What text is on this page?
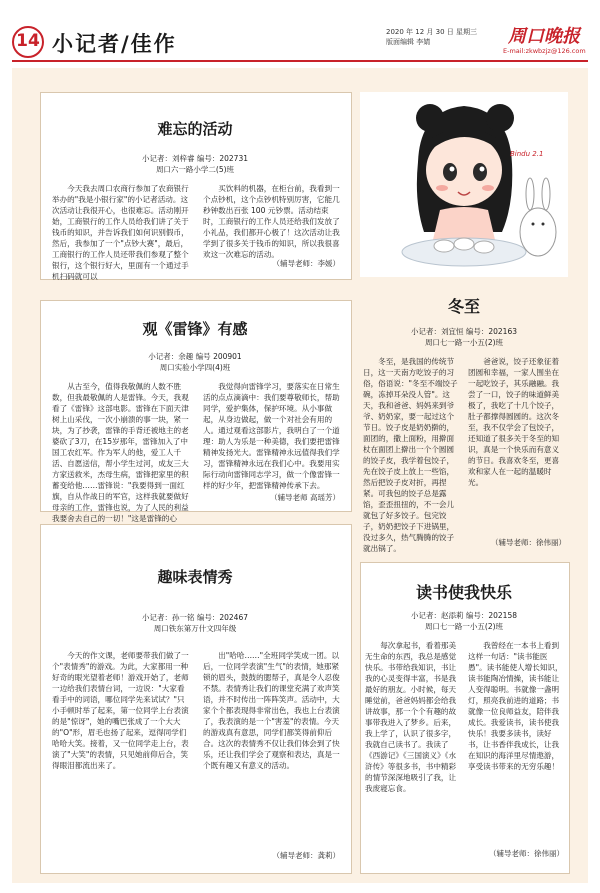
14 小记者/佳作	2020 年 12 月 30 日 星期三
版面编辑 李婧	周口晚报
E-mail:zkwbzjz@126.com
难忘的活动
小记者：刘梓睿 编号：202731
周口六一路小学二(5)班

今天我去周口农商行参加了农商银行举办的"我是小银行家"的小记者活动。这次活动让我很开心，也很难忘。活动刚开始，工商银行的工作人员给我们讲了关于钱币的知识，并告诉我们如何识别假币，然后，我参加了一个"点钞大赛"，最后，工商银行的工作人员还带我们参观了整个银行，这个银行好大，里面有一个通过手机扫码就可以

买饮料的机器，在柜台前，我看到一个点钞机，这个点钞机特别厉害，它能几秒钟数出百张 100 元钞票。活动结束时，工商银行的工作人员还给我们发放了小礼品，我们都开心极了！这次活动让我学到了很多关于钱币的知识，所以我很喜欢这一次难忘的活动。

（辅导老师：李媛）
Bindu 2.1
冬至
小记者：刘宜恒 编号：202163
周口七一路一小五(2)班

冬至，是我国的传统节日，这一天南方吃饺子的习俗，俗语说："冬至不端饺子碗，冻掉耳朵没人管"。这天，我和爸爸、妈妈来到爷爷、奶奶家，要一起过这个节日。饺子皮是奶奶擀的，面团的，撒上面粉，用擀面杖在面团上擀出一个个圆圆的饺子皮，我学着包饺子，先在饺子皮上放上一些馅，然后把饺子皮对折，再捏紧。可我包的饺子总是露馅，歪歪扭扭的，不一会儿就包了好多饺子。包完饺子，奶奶把饺子下进锅里，没过多久，热气腾腾的饺子就出锅了。

爸爸说，饺子还象征着团圆和幸福，一家人围坐在一起吃饺子，其乐融融。我尝了一口，饺子的味道鲜美极了，我吃了十几个饺子，肚子都撑得圆圆的。这次冬至，我不仅学会了包饺子，还知道了很多关于冬至的知识，真是一个快乐而有意义的节日。我喜欢冬至，更喜欢和家人在一起的温暖时光。

（辅导老师：徐伟丽）
观《雷锋》有感
小记者：余趣 编号 200901
周口实验小学四(4)班

从古至今，值得我敬佩的人数不胜数，但我最敬佩的人是雷锋。今天，我观看了《雷锋》这部电影。雷锋在下面天津树上山采伐，一次小崩溃的事一块，紧一块，为了抄袭，雷锋的手背还被地主的老婆砍了3刀，在15岁那年，雷锋加入了中国工农红军。作为军人的他，爱工人千活、自愿送信，帮小学生过河，成友三大方家送救米，杰母生病，雷锋把家里的积蓄变给他……雷锋说："我要得到一面红旗，自从作战日的军官，这样我就要做好母亲的工作，雷锋也说，为了人民的利益我要舍去自己的一切！"这是雷锋的心

我觉得向雷锋学习，要落实在日常生活的点点滴滴中：我们要尊敬师长，帮助同学，爱护集体，保护环境。从小事做起，从身边做起，做一个对社会有用的人。通过观看这部影片，我明白了一个道理：助人为乐是一种美德，我们要把雷锋精神发扬光大。雷锋精神永远值得我们学习，雷锋精神永远在我们心中。我要用实际行动向雷锋同志学习，做一个像雷锋一样的好少年，把雷锋精神传承下去。

（辅导老师 高瑶芳）
读书使我快乐
小记者：赵添莉 编号：202158
周口七一路一小五(2)班

每次拿起书，看着那美无生命的东西，我总是感觉快乐。书带给我知识，书让我的心灵变得丰富，书是我最好的朋友。小时候，每天睡觉前，爸爸妈妈都会给我讲故事，那一个个有趣的故事带我进入了梦乡。后来，我上学了，认识了很多字，我就自己读书了。我读了《西游记》《三国演义》《水浒传》等很多书，书中精彩的情节深深地吸引了我，让我废寝忘食。

我曾经在一本书上看到这样一句话："读书能医愚"。读书能使人增长知识，读书能陶冶情操，读书能让人变得聪明。书就像一盏明灯，照亮我前进的道路；书就像一位良师益友，陪伴我成长。我爱读书，读书使我快乐！我要多读书，读好书，让书香伴我成长，让我在知识的海洋里尽情遨游，享受读书带来的无穷乐趣！

（辅导老师：徐伟丽）
趣味表情秀
小记者：孙一铭 编号：202467
周口铁东第万什文四年级

今天的作文课，老师要带我们做了一个"表情秀"的游戏。为此，大家都用一种好奇的眼光望着老师！游戏开始了，老师一边给我们表情台词，一边说："大家看看手中的词语，哪位同学先来试试？"只小手顿时举了起来，第一位同学上台表演的是"惊讶"，她的嘴巴张成了一个大大的"O"形，眉毛也扬了起来，逗得同学们哈哈大笑。接着，又一位同学走上台，表演了"大笑"的表情，只见她前仰后合，笑得眼泪都流出来了。

出"哈哈……"全班同学笑成一团。以后，一位同学表演"生气"的表情，她那紧锁的眉头，鼓鼓的腮帮子，真是令人忍俊不禁。表情秀让我们的课堂充满了欢声笑语，并不时传出一阵阵笑声。活动中，大家个个都表现得非常出色，我也上台表演了，我表演的是一个"害羞"的表情。今天的游戏真有意思，同学们都笑得前仰后合。这次的表情秀不仅让我们体会到了快乐，还让我们学会了观察和表达，真是一个既有趣又有意义的活动。

（辅导老师：龚莉）
